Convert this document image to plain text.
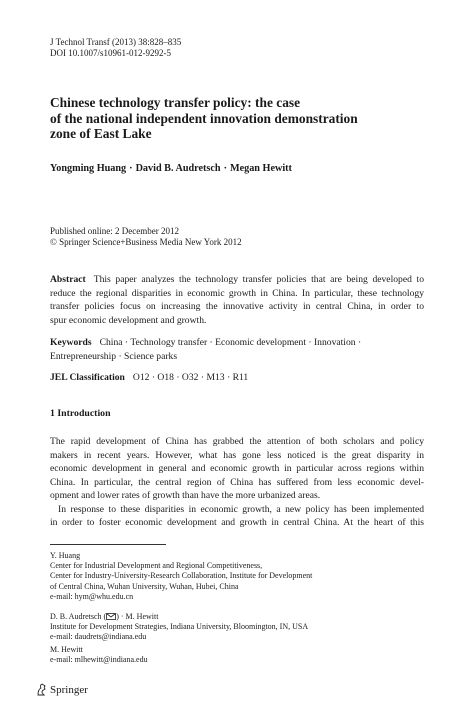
J Technol Transf (2013) 38:828–835
DOI 10.1007/s10961-012-9292-5
Chinese technology transfer policy: the case
of the national independent innovation demonstration
zone of East Lake
Yongming Huang · David B. Audretsch · Megan Hewitt
Published online: 2 December 2012
© Springer Science+Business Media New York 2012
Abstract This paper analyzes the technology transfer policies that are being developed to
reduce the regional disparities in economic growth in China. In particular, these technology
transfer policies focus on increasing the innovative activity in central China, in order to
spur economic development and growth.
Keywords China · Technology transfer · Economic development · Innovation ·
Entrepreneurship · Science parks
JEL Classification O12 · O18 · O32 · M13 · R11
1 Introduction
The rapid development of China has grabbed the attention of both scholars and policy
makers in recent years. However, what has gone less noticed is the great disparity in
economic development in general and economic growth in particular across regions within
China. In particular, the central region of China has suffered from less economic devel-
opment and lower rates of growth than have the more urbanized areas.
In response to these disparities in economic growth, a new policy has been implemented
in order to foster economic development and growth in central China. At the heart of this
Y. Huang
Center for Industrial Development and Regional Competitiveness,
Center for Industry-University-Research Collaboration, Institute for Development
of Central China, Wuhan University, Wuhan, Hubei, China
e-mail: hym@whu.edu.cn
D. B. Audretsch ( ) · M. Hewitt
Institute for Development Strategies, Indiana University, Bloomington, IN, USA
e-mail: daudrets@indiana.edu
M. Hewitt
e-mail: mlhewitt@indiana.edu
Springer
